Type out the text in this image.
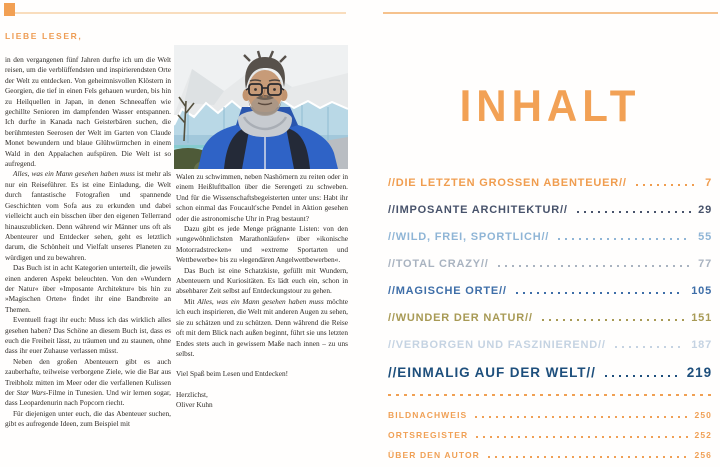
LIEBE LESER,

in den vergangenen fünf Jahren durfte ich um die Welt reisen, um die verblüffendsten und inspirierendsten Orte der Welt zu entdecken. Von geheimnisvollen Klöstern in Georgien, die tief in einen Fels gehauen wurden, bis hin zu Heilquellen in Japan, in denen Schneeaffen wie gechillte Senioren im dampfenden Wasser entspannen. Ich durfte in Kanada nach Geisterbären suchen, die berühmtesten Seerosen der Welt im Garten von Claude Monet bewundern und blaue Glühwürmchen in einem Wald in den Appalachen aufspüren. Die Welt ist so aufregend.

Alles, was ein Mann gesehen haben muss ist mehr als nur ein Reiseführer. Es ist eine Einladung, die Welt durch fantastische Fotografien und spannende Geschichten vom Sofa aus zu erkunden und dabei vielleicht auch ein bisschen über den eigenen Tellerrand hinauszublicken. Denn während wir Männer uns oft als Abenteurer und Entdecker sehen, geht es letztlich darum, die Schönheit und Vielfalt unseres Planeten zu würdigen und zu bewahren.

Das Buch ist in acht Kategorien unterteilt, die jeweils einen anderen Aspekt beleuchten. Von den »Wundern der Natur« über »Imposante Architektur« bis hin zu »Magischen Orten« findet ihr eine Bandbreite an Themen.

Eventuell fragt ihr euch: Muss ich das wirklich alles gesehen haben? Das Schöne an diesem Buch ist, dass es euch die Freiheit lässt, zu träumen und zu staunen, ohne dass ihr euer Zuhause verlassen müsst.

Neben den großen Abenteuern gibt es auch zauberhafte, teilweise verborgene Ziele, wie die Bar aus Treibholz mitten im Meer oder die verfallenen Kulissen der Star Wars-Filme in Tunesien. Und wir lernen sogar, dass Leopardenurin nach Popcorn riecht.

Für diejenigen unter euch, die das Abenteuer suchen, gibt es aufregende Ideen, zum Beispiel mit

Walen zu schwimmen, neben Nashörnern zu reiten oder in einem Heißluftballon über die Serengeti zu schweben. Und für die Wissenschaftsbegeisterten unter uns: Habt ihr schon einmal das Foucault'sche Pendel in Aktion gesehen oder die astronomische Uhr in Prag bestaunt?

Dazu gibt es jede Menge prägnante Listen: von den »ungewöhnlichsten Marathonläufen« über »ikonische Motorradstrecken« und »extreme Sportarten und Wettbewerbe« bis zu »legendären Angelwettbewerben«.

Das Buch ist eine Schatzkiste, gefüllt mit Wundern, Abenteuern und Kuriositäten. Es lädt euch ein, schon in absehbarer Zeit selbst auf Entdeckungstour zu gehen.

Mit Alles, was ein Mann gesehen haben muss möchte ich euch inspirieren, die Welt mit anderen Augen zu sehen, sie zu schätzen und zu schützen. Denn während die Reise oft mit dem Blick nach außen beginnt, führt sie uns letzten Endes stets auch in gewissem Maße nach innen – zu uns selbst.

Viel Spaß beim Lesen und Entdecken!

Herzlichst,

Oliver Kuhn

INHALT
//DIE LETZTEN GROSSEN ABENTEUER//	7
//IMPOSANTE ARCHITEKTUR//	29
//WILD, FREI, SPORTLICH//	55
//TOTAL CRAZY//	77
//MAGISCHE ORTE//	105
//WUNDER DER NATUR//	151
//VERBORGEN UND FASZINIEREND//	187
//EINMALIG AUF DER WELT//	219
BILDNACHWEIS	250
ORTSREGISTER	252
ÜBER DEN AUTOR	256
